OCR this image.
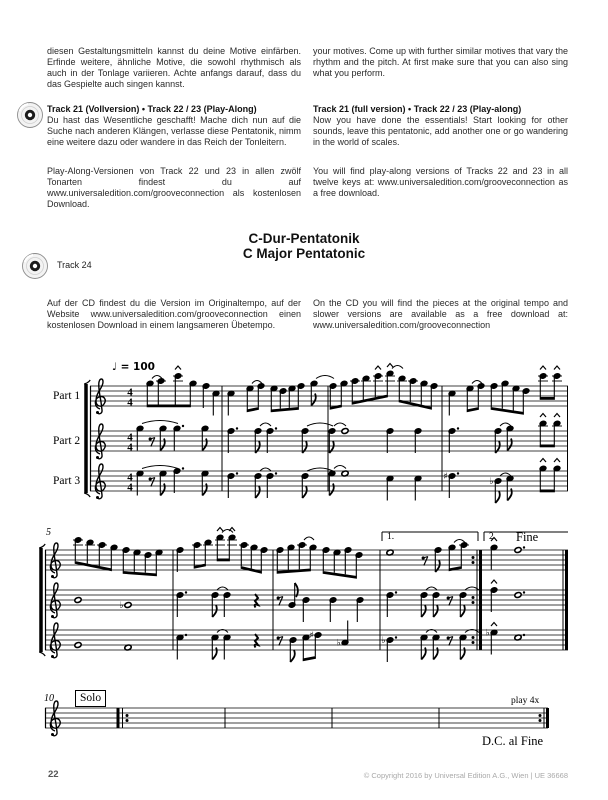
4
4
4
4
4
4
♯	♭
♭
♯
♭	♭
♭
diesen Gestaltungsmitteln kannst du deine Motive einfärben. Erfinde weitere, ähnliche Motive, die sowohl rhythmisch als auch in der Tonlage variieren. Achte anfangs darauf, dass du das Gespielte auch singen kannst.
your motives. Come up with further similar motives that vary the rhythm and the pitch. At first make sure that you can also sing what you perform.
Track 21 (Vollversion) • Track 22 / 23 (Play-Along)
Du hast das Wesentliche geschafft! Mache dich nun auf die Suche nach anderen Klängen, verlasse diese Pentatonik, nimm eine weitere dazu oder wandere in das Reich der Tonleitern.
Track 21 (full version) • Track 22 / 23 (Play-along)
Now you have done the essentials! Start looking for other sounds, leave this pentatonic, add another one or go wandering in the world of scales.
Play-Along-Versionen von Track 22 und 23 in allen zwölf Tonarten findest du auf www.universaledition.com/grooveconnection als kostenlosen Download.
You will find play-along versions of Tracks 22 and 23 in all twelve keys at: www.universaledition.com/grooveconnection as a free download.
C-Dur-Pentatonik
C Major Pentatonic
Track 24
Auf der CD findest du die Version im Originaltempo, auf der Website www.universaledition.com/grooveconnection einen kostenlosen Download in einem langsameren Übetempo.
On the CD you will find the pieces at the original tempo and slower versions are available as a free download at: www.universaledition.com/grooveconnection
♩ = 100
Part 1
Part 2
Part 3
5	1.	2. Fine
10	Solo	play 4x
D.C. al Fine
22	© Copyright 2016 by Universal Edition A.G., Wien | UE 36668
